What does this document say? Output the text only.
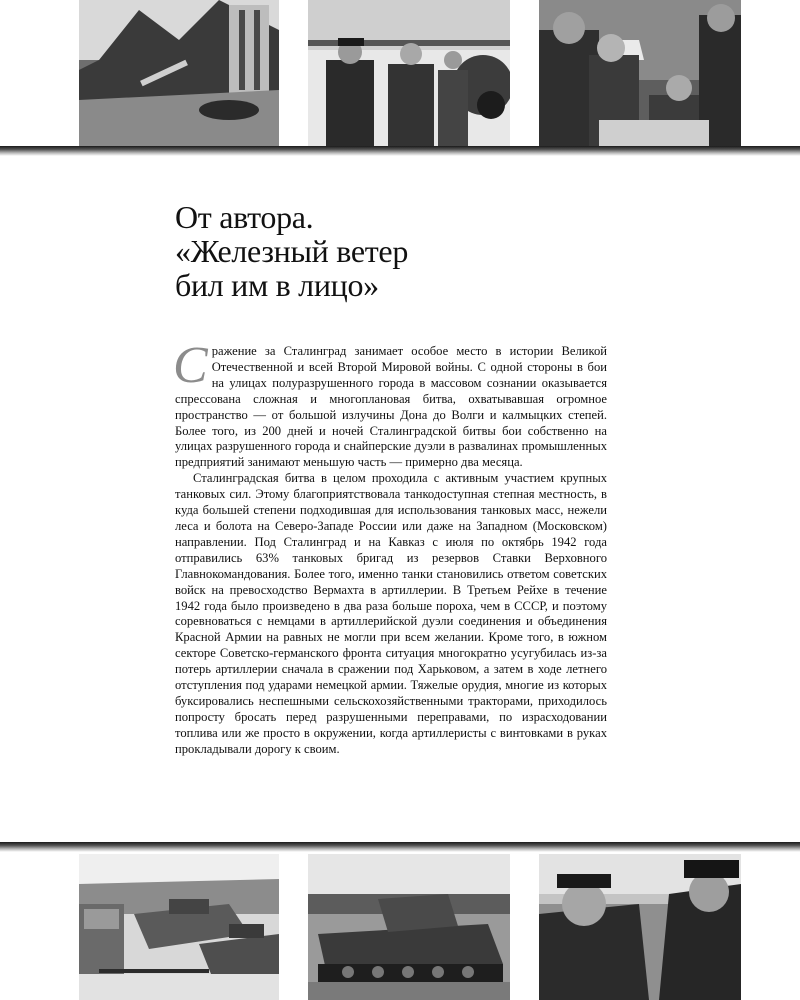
От автора.
«Железный ветер
бил им в лицо»

Сражение за Сталинград занимает особое место в истории Великой Отечественной и всей Второй Мировой войны. С одной стороны в бои на улицах полуразрушенного города в массовом сознании оказывается спрессована сложная и многоплановая битва, охватывавшая огромное пространство — от большой излучины Дона до Волги и калмыцких степей. Более того, из 200 дней и ночей Сталинградской битвы бои собственно на улицах разрушенного города и снайперские дуэли в развалинах промышленных предприятий занимают меньшую часть — примерно два месяца.

Сталинградская битва в целом проходила с активным участием крупных танковых сил. Этому благоприятствовала танкодоступная степная местность, в куда большей степени подходившая для использования танковых масс, нежели леса и болота на Северо-Западе России или даже на Западном (Московском) направлении. Под Сталинград и на Кавказ с июля по октябрь 1942 года отправились 63% танковых бригад из резервов Ставки Верховного Главнокомандования. Более того, именно танки становились ответом советских войск на превосходство Вермахта в артиллерии. В Третьем Рейхе в течение 1942 года было произведено в два раза больше пороха, чем в СССР, и поэтому соревноваться с немцами в артиллерийской дуэли соединения и объединения Красной Армии на равных не могли при всем желании. Кроме того, в южном секторе Советско-германского фронта ситуация многократно усугубилась из-за потерь артиллерии сначала в сражении под Харьковом, а затем в ходе летнего отступления под ударами немецкой армии. Тяжелые орудия, многие из которых буксировались неспешными сельскохозяйственными тракторами, приходилось попросту бросать перед разрушенными переправами, по израсходовании топлива или же просто в окружении, когда артиллеристы с винтовками в руках прокладывали дорогу к своим.
